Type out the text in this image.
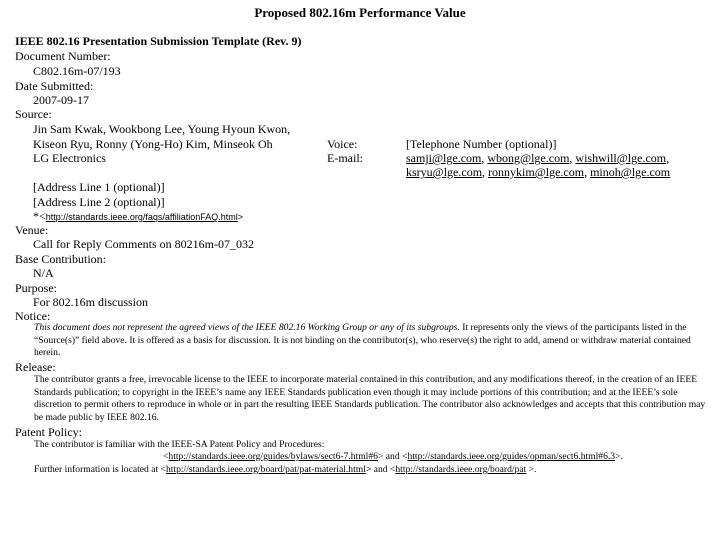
Proposed 802.16m Performance Value
IEEE 802.16 Presentation Submission Template (Rev. 9)
Document Number:
C802.16m-07/193
Date Submitted:
2007-09-17
Source:
Jin Sam Kwak, Wookbong Lee, Young Hyoun Kwon,
Kiseon Ryu, Ronny (Yong-Ho) Kim, Minseok Oh
LG Electronics
Voice:
E-mail:
[Telephone Number (optional)]
samji@lge.com, wbong@lge.com, wishwill@lge.com,
ksryu@lge.com, ronnykim@lge.com, minoh@lge.com
[Address Line 1 (optional)]
[Address Line 2 (optional)]
*<http://standards.ieee.org/faqs/affiliationFAQ.html>
Venue:
Call for Reply Comments on 80216m-07_032
Base Contribution:
N/A
Purpose:
For 802.16m discussion
Notice:
This document does not represent the agreed views of the IEEE 802.16 Working Group or any of its subgroups. It represents only the views of the participants listed in the “Source(s)” field above. It is offered as a basis for discussion. It is not binding on the contributor(s), who reserve(s) the right to add, amend or withdraw material contained herein.
Release:
The contributor grants a free, irrevocable license to the IEEE to incorporate material contained in this contribution, and any modifications thereof, in the creation of an IEEE Standards publication; to copyright in the IEEE’s name any IEEE Standards publication even though it may include portions of this contribution; and at the IEEE’s sole discretion to permit others to reproduce in whole or in part the resulting IEEE Standards publication. The contributor also acknowledges and accepts that this contribution may be made public by IEEE 802.16.
Patent Policy:
The contributor is familiar with the IEEE-SA Patent Policy and Procedures:
<http://standards.ieee.org/guides/bylaws/sect6-7.html#6> and <http://standards.ieee.org/guides/opman/sect6.html#6.3>.
Further information is located at <http://standards.ieee.org/board/pat/pat-material.html> and <http://standards.ieee.org/board/pat >.
